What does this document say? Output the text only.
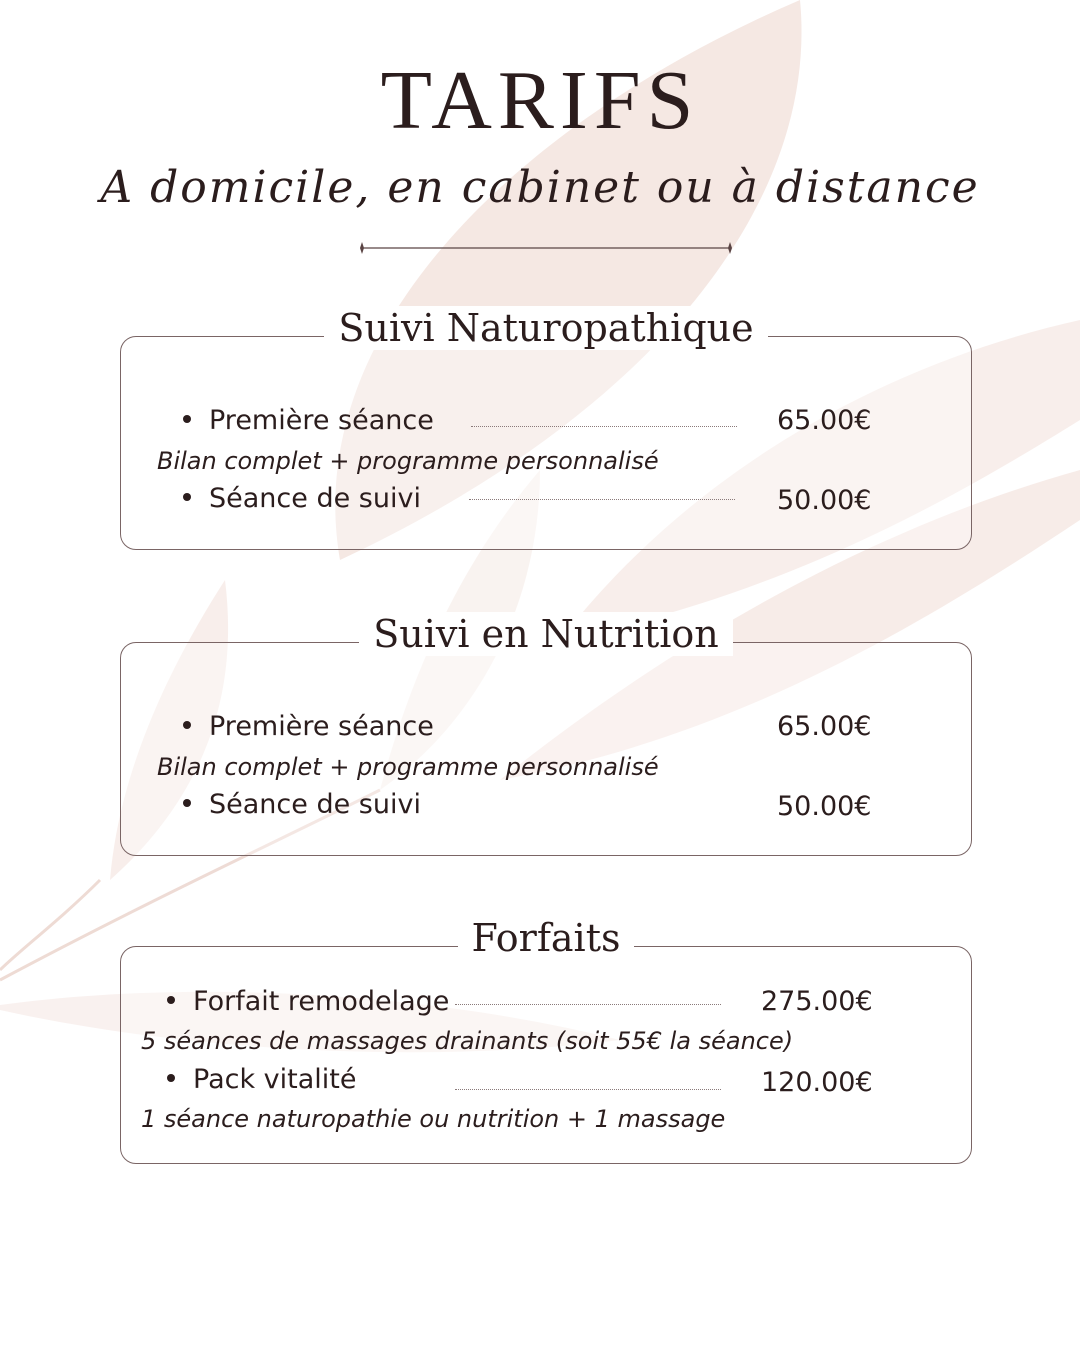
TARIFS
A domicile, en cabinet ou à distance
Suivi Naturopathique
Première séance	65.00€
Bilan complet + programme personnalisé
Séance de suivi	50.00€
Suivi en Nutrition
Première séance	65.00€
Bilan complet + programme personnalisé
Séance de suivi	50.00€
Forfaits
Forfait remodelage	275.00€
5 séances de massages drainants (soit 55€ la séance)
Pack vitalité	120.00€
1 séance naturopathie ou nutrition + 1 massage
